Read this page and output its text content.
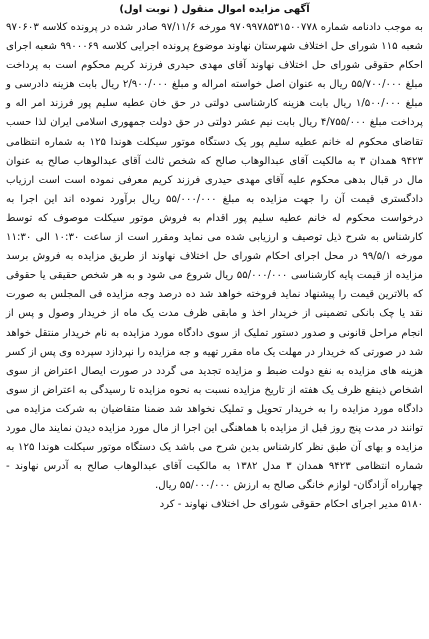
آگهی مزایده اموال منقول ( نوبت اول)

به موجب دادنامه شماره ۹۷۰۹۹۷۸۵۳۱۵۰۰۷۷۸ مورخه ۹۷/۱۱/۶ صادر شده در پرونده کلاسه ۹۷۰۶۰۳ شعبه ۱۱۵ شورای حل اختلاف شهرستان نهاوند موضوع پرونده اجرایی کلاسه ۹۹۰۰۰۶۹ شعبه اجرای احکام حقوقی شورای حل اختلاف نهاوند آقای مهدی حیدری فرزند کریم محکوم است به پرداخت مبلغ ۵۵/۷۰۰/۰۰۰ ریال به عنوان اصل خواسته امراله و مبلغ ۲/۹۰۰/۰۰۰ ریال بابت هزینه دادرسی و مبلغ ۱/۵۰۰/۰۰۰ ریال بابت هزینه کارشناسی دولتی در حق خان عطیه سلیم پور فرزند امر اله و پرداخت مبلغ ۴/۷۵۵/۰۰۰ ریال بابت نیم عشر دولتی در حق دولت جمهوری اسلامی ایران لذا حسب تقاضای محکوم له خانم عطیه سلیم پور یک دستگاه موتور سیکلت هوندا ۱۲۵ به شماره انتظامی ۹۴۲۳ همدان ۳ به مالکیت آقای عبدالوهاب صالح که شخص ثالث آقای عبدالوهاب صالح به عنوان مال در قبال بدهی محکوم علیه آقای مهدی حیدری فرزند کریم معرفی نموده است است ارزیاب دادگستری قیمت آن را جهت مزایده به مبلغ ۵۵/۰۰۰/۰۰۰ ریال برآورد نموده اند این اجرا به درخواست محکوم له خانم عطیه سلیم پور اقدام به فروش موتور سیکلت موصوف که توسط کارشناس به شرح ذیل توصیف و ارزیابی شده می نماید ومقرر است از ساعت ۱۰:۳۰ الی ۱۱:۳۰ مورخه ۹۹/۵/۱ در محل اجرای احکام شورای حل اختلاف نهاوند از طریق مزایده به فروش برسد مزایده از قیمت پایه کارشناسی ۵۵/۰۰۰/۰۰۰ ریال شروع می شود و به هر شخص حقیقی یا حقوقی که بالاترین قیمت را پیشنهاد نماید فروخته خواهد شد ده درصد وجه مزایده فی المجلس به صورت نقد یا چک بانکی تضمینی از خریدار اخذ و مابقی ظرف مدت یک ماه از خریدار وصول و پس از انجام مراحل قانونی و صدور دستور تملیک از سوی دادگاه مورد مزایده به نام خریدار منتقل خواهد شد در صورتی که خریدار در مهلت یک ماه مقرر تهیه و جه مزایده را نپردازد سپرده وی پس از کسر هزینه های مزایده به نفع دولت ضبط و مزایده تجدید می گردد در صورت ایصال اعتراض از سوی اشخاص ذینفع ظرف یک هفته از تاریخ مزایده نسبت به نحوه مزایده تا رسیدگی به اعتراض از سوی دادگاه مورد مزایده را به خریدار تحویل و تملیک نخواهد شد ضمنا متقاضیان به شرکت مزایده می توانند در مدت پنج روز قبل از مزایده با هماهنگی این اجرا از مال مورد مزایده دیدن نمایند مال مورد مزایده و بهای آن طبق نظر کارشناس بدین شرح می باشد یک دستگاه موتور سیکلت هوندا ۱۲۵ به شماره انتظامی ۹۴۲۳ همدان ۳ مدل ۱۳۸۲ به مالکیت آقای عبدالوهاب صالح به آدرس نهاوند - چهارراه آزادگان- لوازم خانگی صالح به ارزش ۵۵/۰۰۰/۰۰۰ ریال.

۵۱۸۰ مدیر اجرای احکام حقوقی شورای حل اختلاف نهاوند - کرد
